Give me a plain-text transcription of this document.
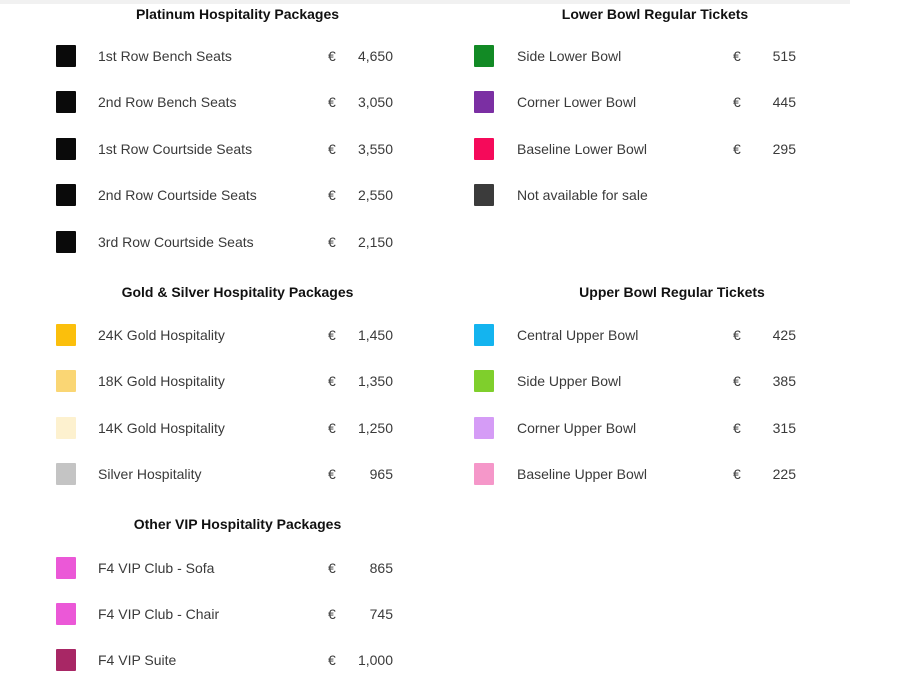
Platinum Hospitality Packages
1st Row Bench Seats	€	4,650
2nd Row Bench Seats	€	3,050
1st Row Courtside Seats	€	3,550
2nd Row Courtside Seats	€	2,550
3rd Row Courtside Seats	€	2,150
Gold & Silver Hospitality Packages
24K Gold Hospitality	€	1,450
18K Gold Hospitality	€	1,350
14K Gold Hospitality	€	1,250
Silver Hospitality	€	965
Other VIP Hospitality Packages
F4 VIP Club - Sofa	€	865
F4 VIP Club - Chair	€	745
F4 VIP Suite	€	1,000
Lower Bowl Regular Tickets
Side Lower Bowl	€	515
Corner Lower Bowl	€	445
Baseline Lower Bowl	€	295
Not available for sale
Upper Bowl Regular Tickets
Central Upper Bowl	€	425
Side Upper Bowl	€	385
Corner Upper Bowl	€	315
Baseline Upper Bowl	€	225
